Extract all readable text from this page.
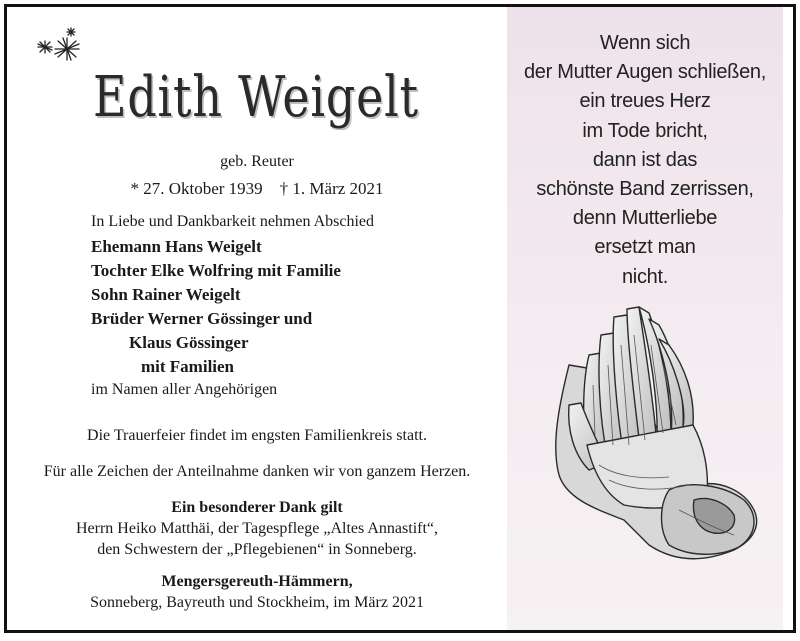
Edith Weigelt
geb. Reuter
* 27. Oktober 1939    † 1. März 2021
In Liebe und Dankbarkeit nehmen Abschied
Ehemann Hans Weigelt
Tochter Elke Wolfring mit Familie
Sohn Rainer Weigelt
Brüder Werner Gössinger und
Klaus Gössinger
mit Familien
im Namen aller Angehörigen
Die Trauerfeier findet im engsten Familienkreis statt.
Für alle Zeichen der Anteilnahme danken wir von ganzem Herzen.
Ein besonderer Dank gilt
Herrn Heiko Matthäi, der Tagespflege „Altes Annastift“,
den Schwestern der „Pflegebienen“ in Sonneberg.
Mengersgereuth-Hämmern,
Sonneberg, Bayreuth und Stockheim, im März 2021
Wenn sich
der Mutter Augen schließen,
ein treues Herz
im Tode bricht,
dann ist das
schönste Band zerrissen,
denn Mutterliebe
ersetzt man
nicht.
